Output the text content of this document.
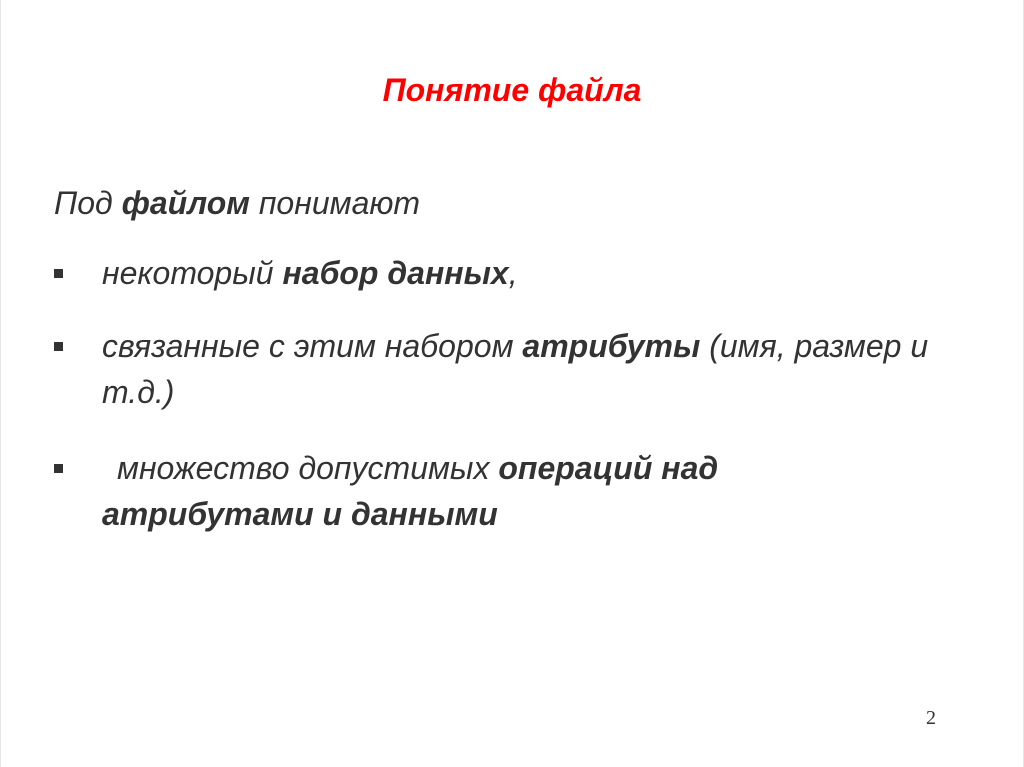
Понятие файла
Под файлом понимают
некоторый набор данных,
связанные с этим набором атрибуты (имя, размер и т.д.)
множество допустимых операций над
атрибутами и данными
2
